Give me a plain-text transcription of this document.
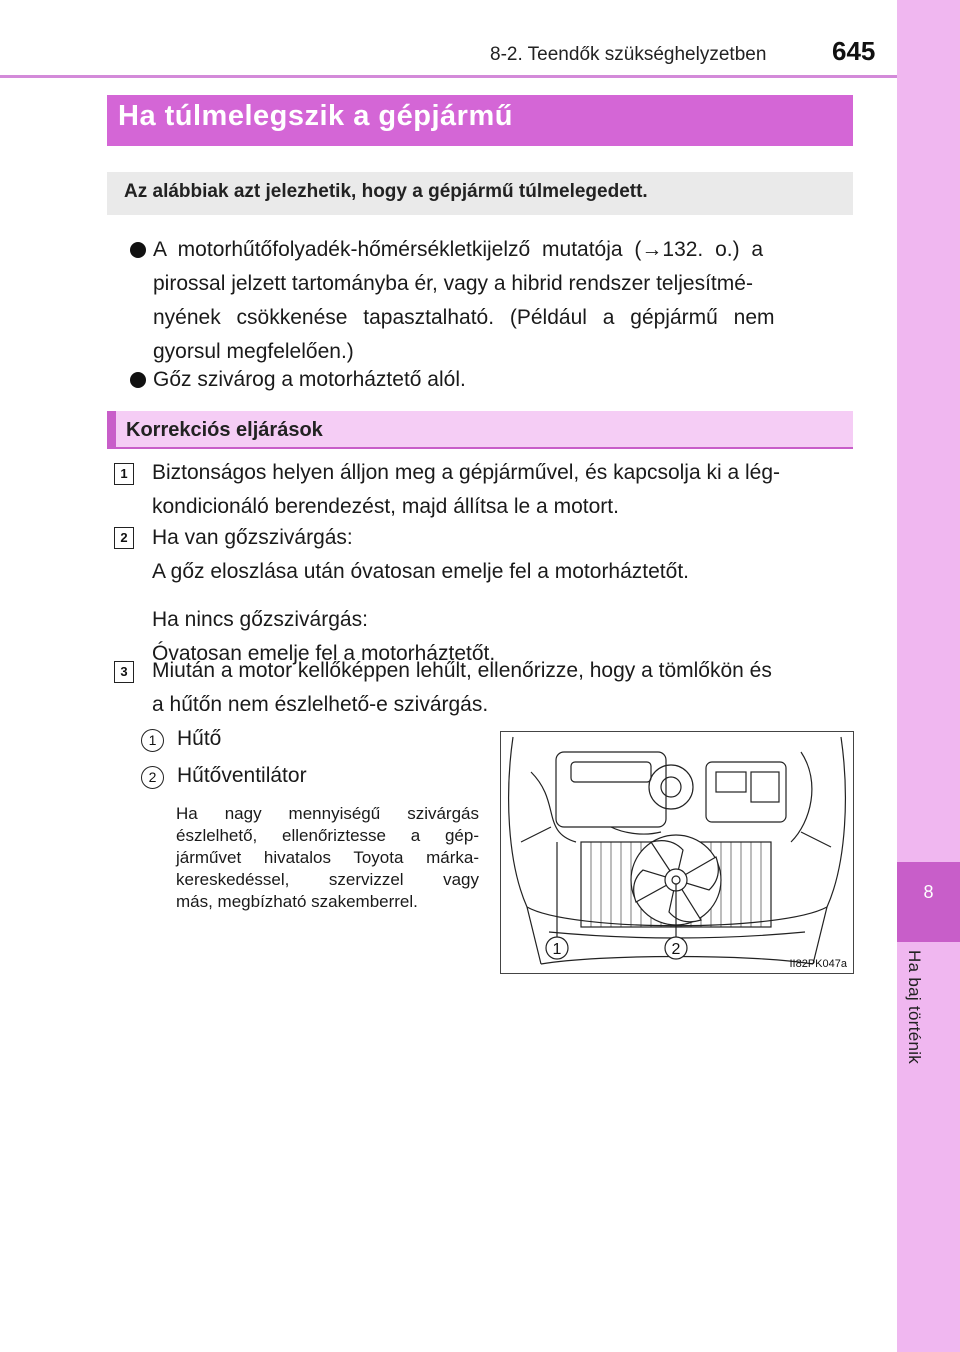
8-2. Teendők szükséghelyzetben	645
8
Ha baj történik
Ha túlmelegszik a gépjármű
Az alábbiak azt jelezhetik, hogy a gépjármű túlmelegedett.
A motorhűtőfolyadék-hőmérsékletkijelző mutatója (→132. o.) a
pirossal jelzett tartományba ér, vagy a hibrid rendszer teljesítmé-
nyének csökkenése tapasztalható. (Például a gépjármű nem
gyorsul megfelelően.)
Gőz szivárog a motorháztető alól.
Korrekciós eljárások
1	Biztonságos helyen álljon meg a gépjárművel, és kapcsolja ki a lég-
kondicionáló berendezést, majd állítsa le a motort.
2	Ha van gőzszivárgás:
A gőz eloszlása után óvatosan emelje fel a motorháztetőt.
Ha nincs gőzszivárgás:
Óvatosan emelje fel a motorháztetőt.
3	Miután a motor kellőképpen lehűlt, ellenőrizze, hogy a tömlőkön és
a hűtőn nem észlelhető-e szivárgás.
1 Hűtő
2 Hűtőventilátor
Ha nagy mennyiségű szivárgás
észlelhető, ellenőriztesse a gép-
járművet hivatalos Toyota márka-
kereskedéssel, szervizzel vagy
más, megbízható szakemberrel.
1	2
II82PK047a
